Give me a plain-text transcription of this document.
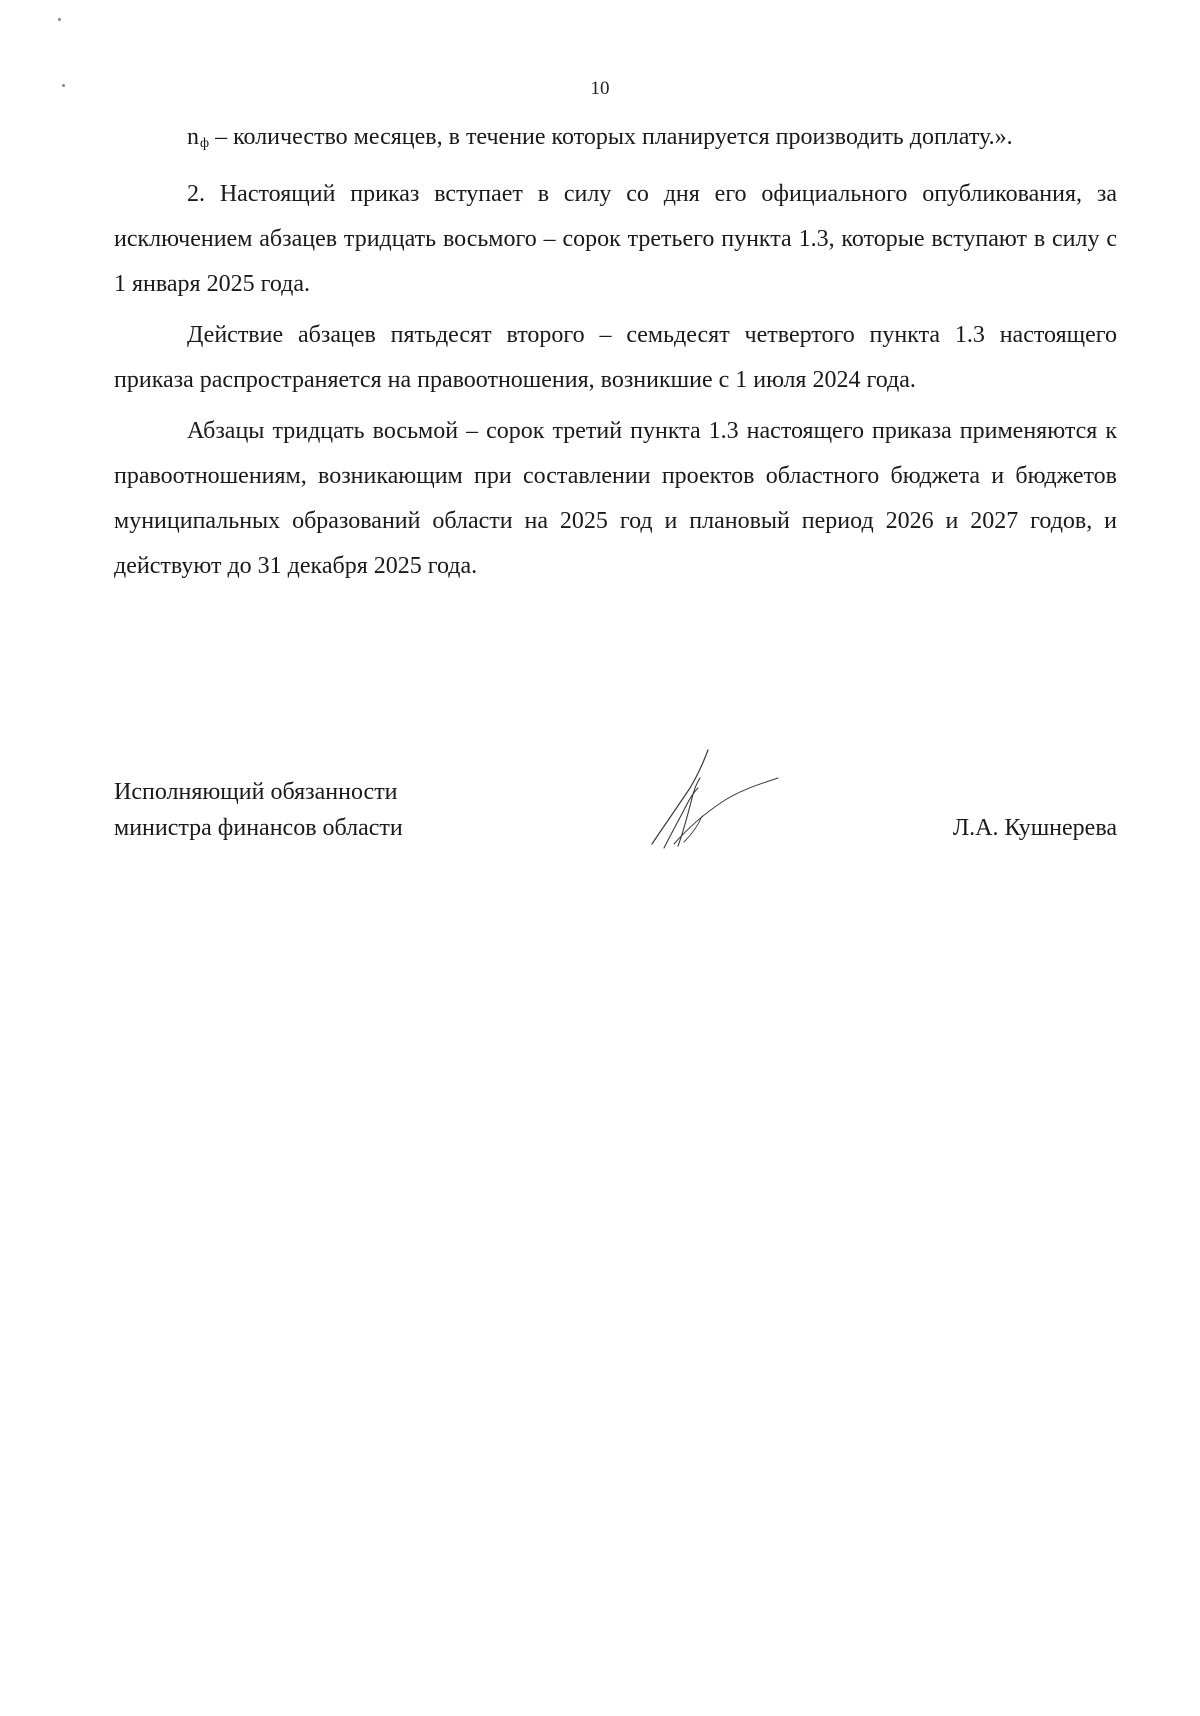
10

nф – количество месяцев, в течение которых планируется производить доплату.».

2. Настоящий приказ вступает в силу со дня его официального опубликования, за исключением абзацев тридцать восьмого – сорок третьего пункта 1.3, которые вступают в силу с 1 января 2025 года.

Действие абзацев пятьдесят второго – семьдесят четвертого пункта 1.3 настоящего приказа распространяется на правоотношения, возникшие с 1 июля 2024 года.

Абзацы тридцать восьмой – сорок третий пункта 1.3 настоящего приказа применяются к правоотношениям, возникающим при составлении проектов областного бюджета и бюджетов муниципальных образований области на 2025 год и плановый период 2026 и 2027 годов, и действуют до 31 декабря 2025 года.

Исполняющий обязанности
министра финансов области	Л.А. Кушнерева
